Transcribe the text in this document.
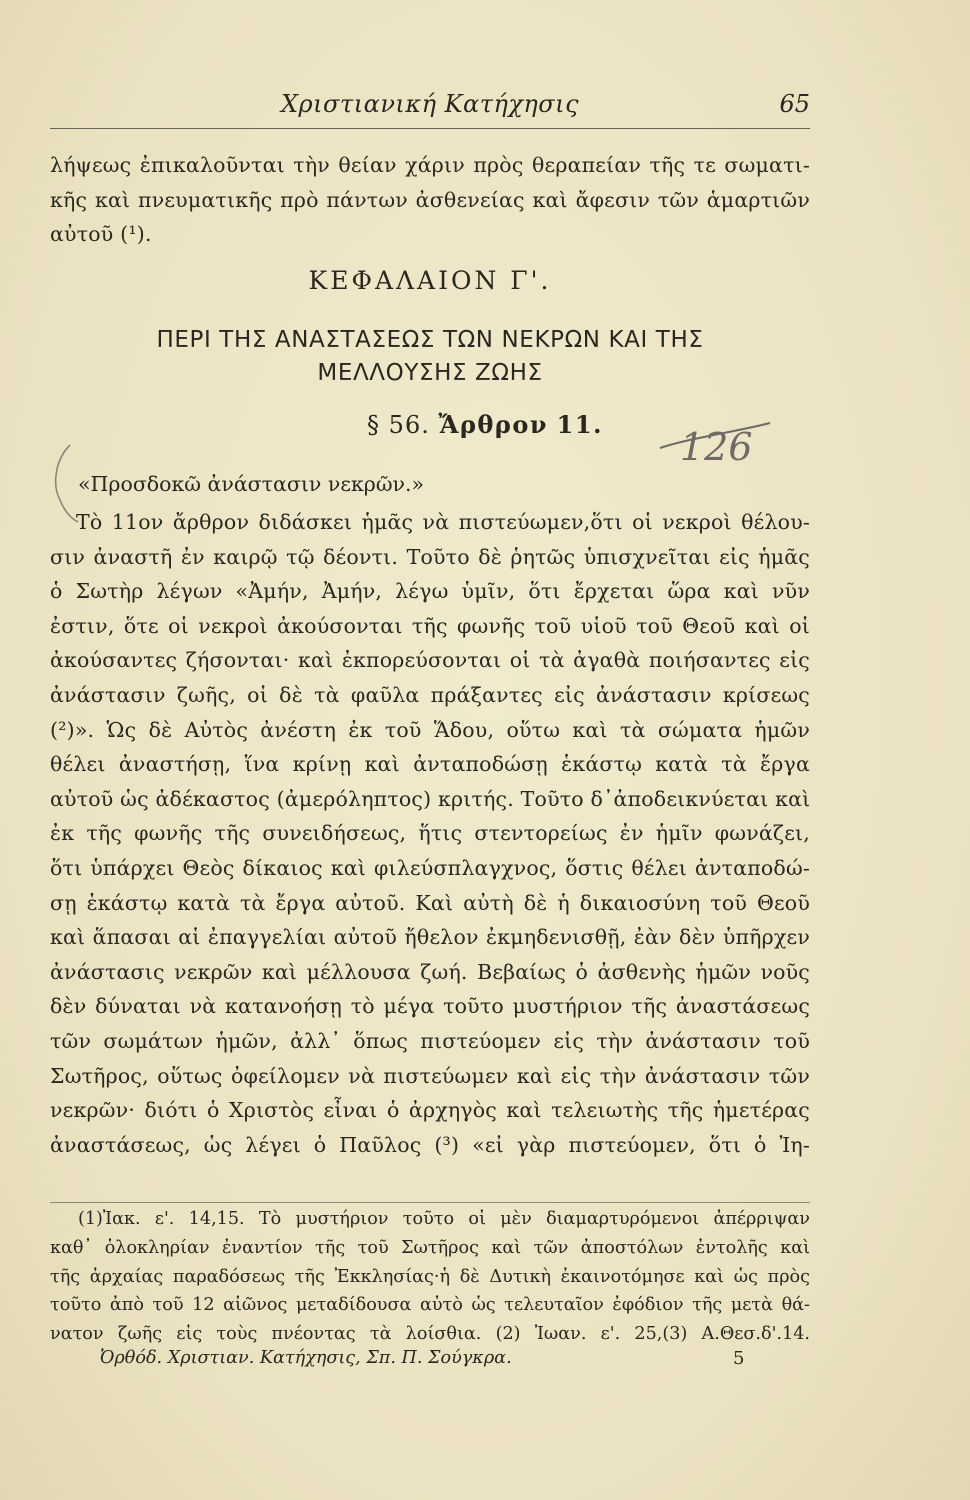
Χριστιανική Κατήχησις	65
λήψεως ἐπικαλοῦνται τὴν θείαν χάριν πρὸς θεραπείαν τῆς τε σωματι-
κῆς καὶ πνευματικῆς πρὸ πάντων ἀσθενείας καὶ ἄφεσιν τῶν ἁμαρτιῶν
αὐτοῦ (¹).
ΚΕΦΑΛΑΙΟΝ Γ'.
ΠΕΡΙ ΤΗΣ ΑΝΑΣΤΑΣΕΩΣ ΤΩΝ ΝΕΚΡΩΝ ΚΑΙ ΤΗΣ
ΜΕΛΛΟΥΣΗΣ ΖΩΗΣ
§ 56. Ἄρθρον 11.
126
«Προσδοκῶ ἀνάστασιν νεκρῶν.»
Τὸ 11ον ἄρθρον διδάσκει ἡμᾶς νὰ πιστεύωμεν,ὅτι οἱ νεκροὶ θέλου-
σιν ἀναστῆ ἐν καιρῷ τῷ δέοντι. Τοῦτο δὲ ῥητῶς ὑπισχνεῖται εἰς ἡμᾶς
ὁ Σωτὴρ λέγων «Ἀμήν, Ἀμήν, λέγω ὑμῖν, ὅτι ἔρχεται ὥρα καὶ νῦν
ἐστιν, ὅτε οἱ νεκροὶ ἀκούσονται τῆς φωνῆς τοῦ υἱοῦ τοῦ Θεοῦ καὶ οἱ
ἀκούσαντες ζήσονται· καὶ ἐκπορεύσονται οἱ τὰ ἀγαθὰ ποιήσαντες εἰς
ἀνάστασιν ζωῆς, οἱ δὲ τὰ φαῦλα πράξαντες εἰς ἀνάστασιν κρίσεως
(²)». Ὡς δὲ Αὐτὸς ἀνέστη ἐκ τοῦ Ἅδου, οὕτω καὶ τὰ σώματα ἡμῶν
θέλει ἀναστήσῃ, ἵνα κρίνῃ καὶ ἀνταποδώσῃ ἑκάστῳ κατὰ τὰ ἔργα
αὐτοῦ ὡς ἀδέκαστος (ἀμερόληπτος) κριτής. Τοῦτο δ᾽ἀποδεικνύεται καὶ
ἐκ τῆς φωνῆς τῆς συνειδήσεως, ἥτις στεντορείως ἐν ἡμῖν φωνάζει,
ὅτι ὑπάρχει Θεὸς δίκαιος καὶ φιλεύσπλαγχνος, ὅστις θέλει ἀνταποδώ-
σῃ ἑκάστῳ κατὰ τὰ ἔργα αὐτοῦ. Καὶ αὐτὴ δὲ ἡ δικαιοσύνη τοῦ Θεοῦ
καὶ ἅπασαι αἱ ἐπαγγελίαι αὐτοῦ ἤθελον ἐκμηδενισθῇ, ἐὰν δὲν ὑπῆρχεν
ἀνάστασις νεκρῶν καὶ μέλλουσα ζωή. Βεβαίως ὁ ἀσθενὴς ἡμῶν νοῦς
δὲν δύναται νὰ κατανοήσῃ τὸ μέγα τοῦτο μυστήριον τῆς ἀναστάσεως
τῶν σωμάτων ἡμῶν, ἀλλ᾽ ὅπως πιστεύομεν εἰς τὴν ἀνάστασιν τοῦ
Σωτῆρος, οὕτως ὀφείλομεν νὰ πιστεύωμεν καὶ εἰς τὴν ἀνάστασιν τῶν
νεκρῶν· διότι ὁ Χριστὸς εἶναι ὁ ἀρχηγὸς καὶ τελειωτὴς τῆς ἡμετέρας
ἀναστάσεως, ὡς λέγει ὁ Παῦλος (³) «εἰ γὰρ πιστεύομεν, ὅτι ὁ Ἰη-
(1)Ἰακ. ε'. 14,15. Τὸ μυστήριον τοῦτο οἱ μὲν διαμαρτυρόμενοι ἀπέρριψαν
καθ᾽ ὁλοκληρίαν ἐναντίον τῆς τοῦ Σωτῆρος καὶ τῶν ἀποστόλων ἐντολῆς καὶ
τῆς ἀρχαίας παραδόσεως τῆς Ἐκκλησίας·ἡ δὲ Δυτικὴ ἐκαινοτόμησε καὶ ὡς πρὸς
τοῦτο ἀπὸ τοῦ 12 αἰῶνος μεταδίδουσα αὐτὸ ὡς τελευταῖον ἐφόδιον τῆς μετὰ θά-
νατον ζωῆς εἰς τοὺς πνέοντας τὰ λοίσθια. (2) Ἰωαν. ε'. 25,(3) Α.Θεσ.δ'.14.
Ὀρθόδ. Χριστιαν. Κατήχησις, Σπ. Π. Σούγκρα.	5
